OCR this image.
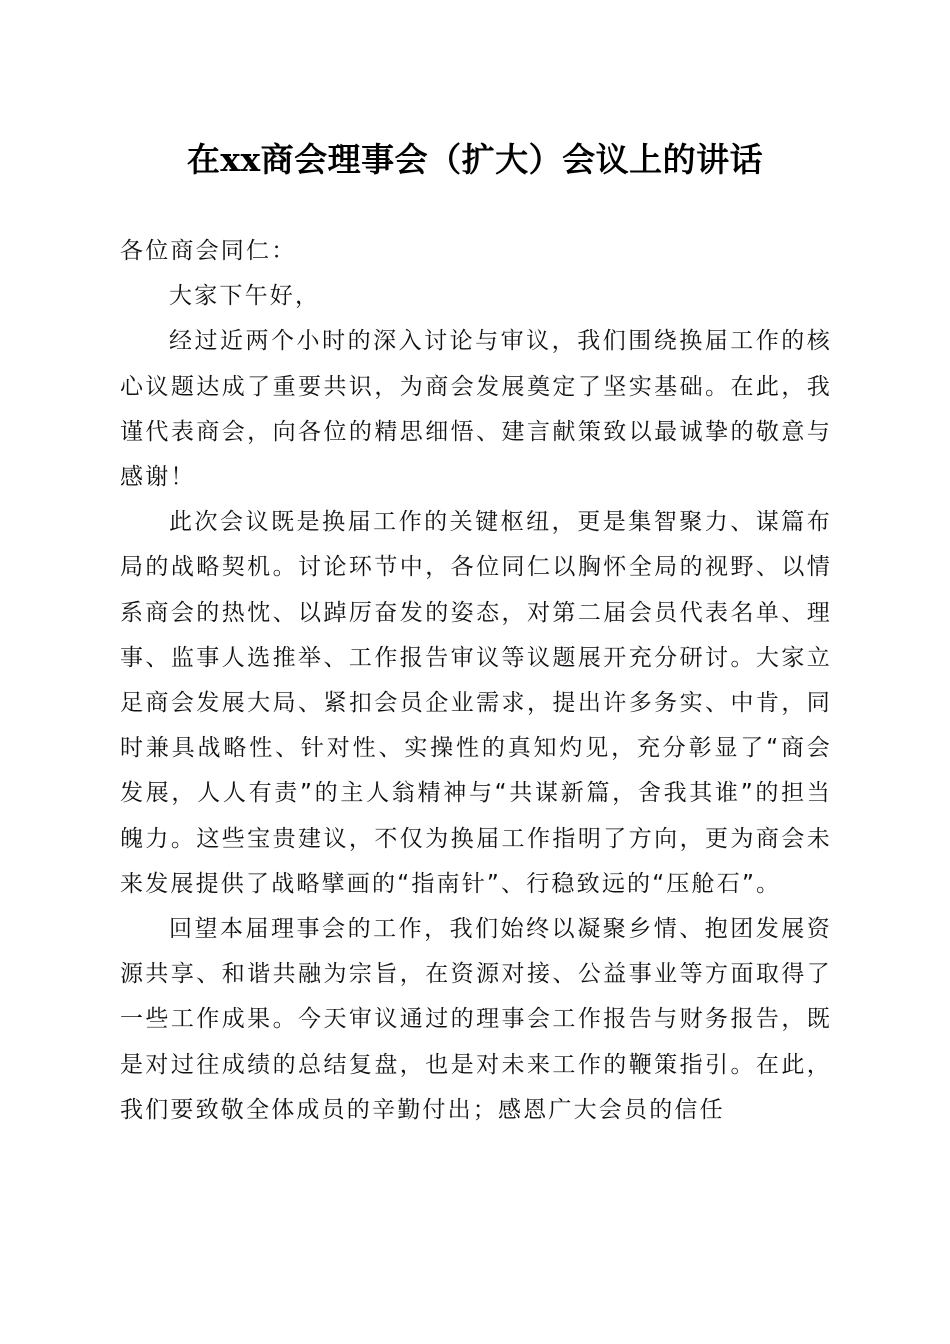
在xx商会理事会（扩大）会议上的讲话

各位商会同仁：

大家下午好，

经过近两个小时的深入讨论与审议，我们围绕换届工作的核心议题达成了重要共识，为商会发展奠定了坚实基础。在此，我谨代表商会，向各位的精思细悟、建言献策致以最诚挚的敬意与感谢！

此次会议既是换届工作的关键枢纽，更是集智聚力、谋篇布局的战略契机。讨论环节中，各位同仁以胸怀全局的视野、以情系商会的热忱、以踔厉奋发的姿态，对第二届会员代表名单、理事、监事人选推举、工作报告审议等议题展开充分研讨。大家立足商会发展大局、紧扣会员企业需求，提出许多务实、中肯，同时兼具战略性、针对性、实操性的真知灼见，充分彰显了“商会发展，人人有责”的主人翁精神与“共谋新篇，舍我其谁”的担当魄力。这些宝贵建议，不仅为换届工作指明了方向，更为商会未来发展提供了战略擘画的“指南针”、行稳致远的“压舱石”。

回望本届理事会的工作，我们始终以凝聚乡情、抱团发展资源共享、和谐共融为宗旨，在资源对接、公益事业等方面取得了一些工作成果。今天审议通过的理事会工作报告与财务报告，既是对过往成绩的总结复盘，也是对未来工作的鞭策指引。在此，我们要致敬全体成员的辛勤付出；感恩广大会员的信任
